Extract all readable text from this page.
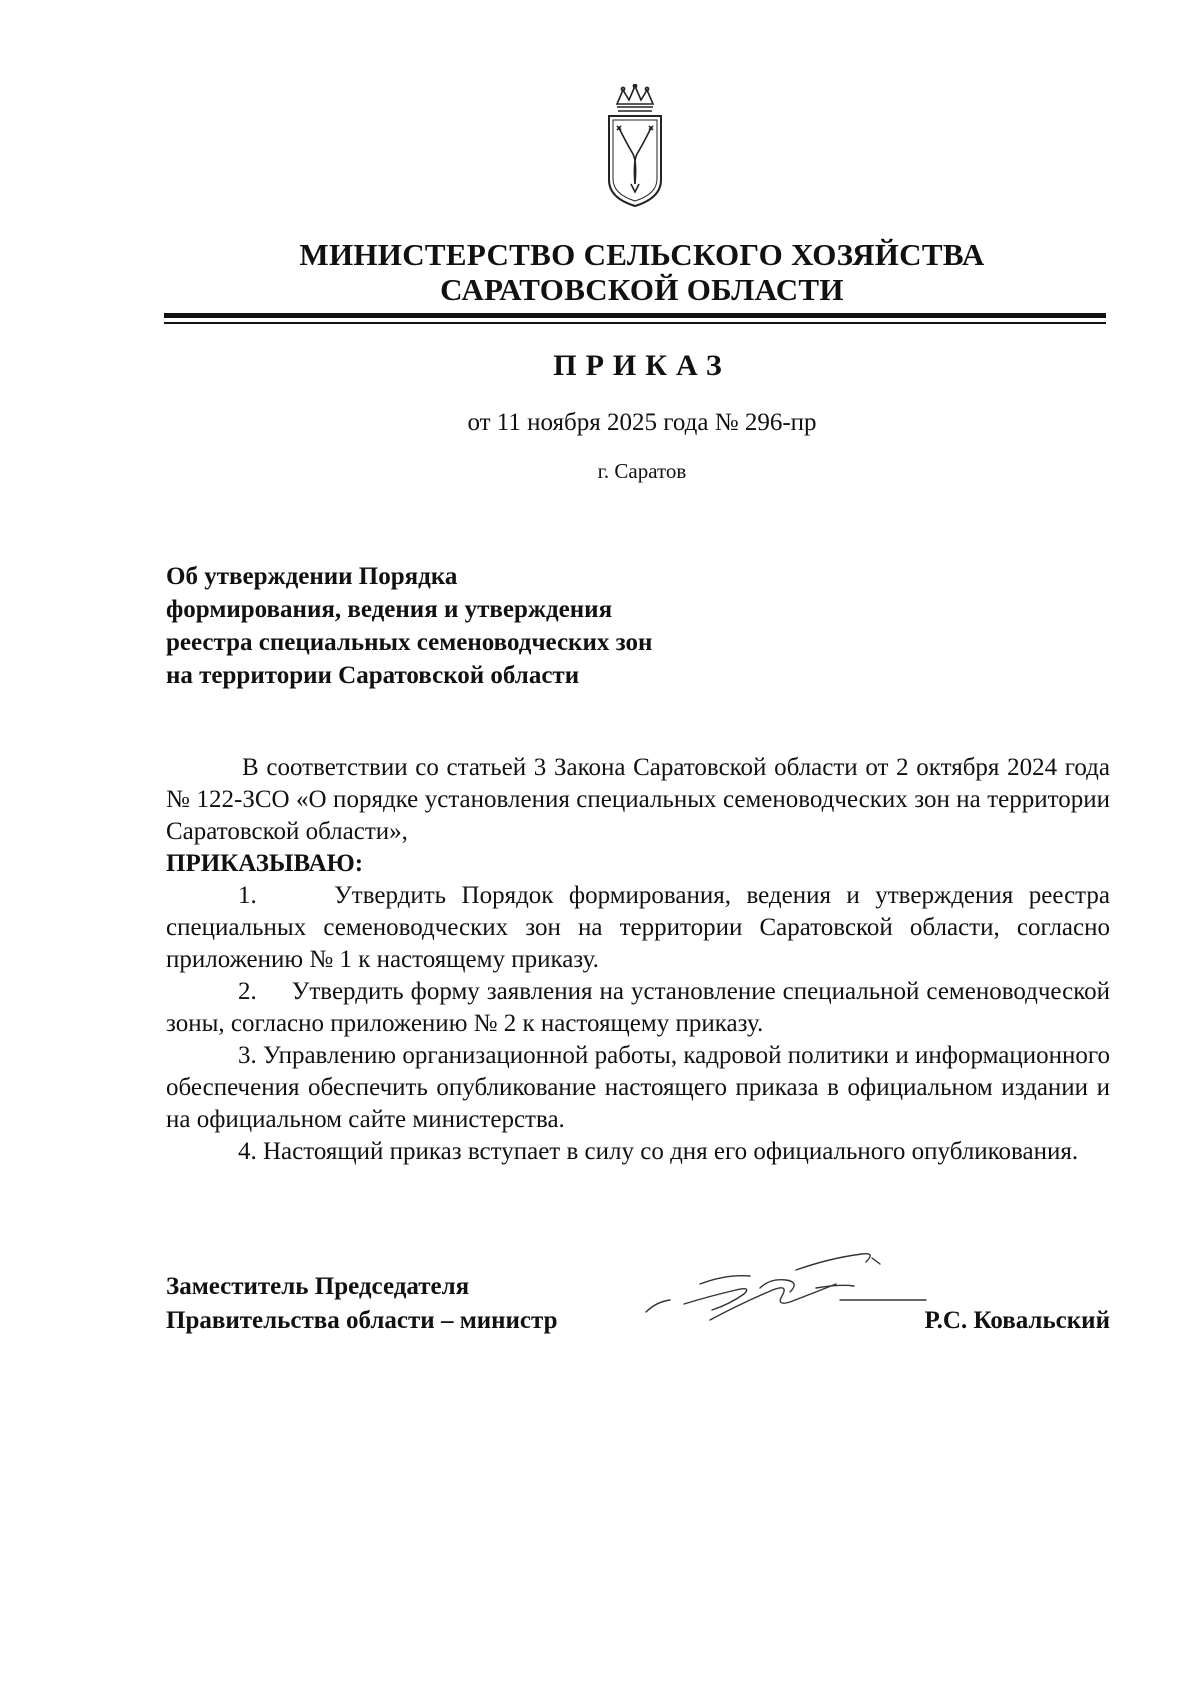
МИНИСТЕРСТВО СЕЛЬСКОГО ХОЗЯЙСТВА
САРАТОВСКОЙ ОБЛАСТИ
ПРИКАЗ
от 11 ноября 2025 года № 296-пр
г. Саратов
Об утверждении Порядка
формирования, ведения и утверждения
реестра специальных семеноводческих зон
на территории Саратовской области

В соответствии со статьей 3 Закона Саратовской области от 2 октября 2024 года № 122-ЗСО «О порядке установления специальных семеноводческих зон на территории Саратовской области»,
ПРИКАЗЫВАЮ:

1.     Утвердить Порядок формирования, ведения и утверждения реестра специальных семеноводческих зон на территории Саратовской области, согласно приложению № 1 к настоящему приказу.

2.     Утвердить форму заявления на установление специальной семеноводческой зоны, согласно приложению № 2 к настоящему приказу.

3. Управлению организационной работы, кадровой политики и информационного обеспечения обеспечить опубликование настоящего приказа в официальном издании и на официальном сайте министерства.

4. Настоящий приказ вступает в силу со дня его официального опубликования.

Заместитель Председателя
Правительства области – министр	Р.С. Ковальский
